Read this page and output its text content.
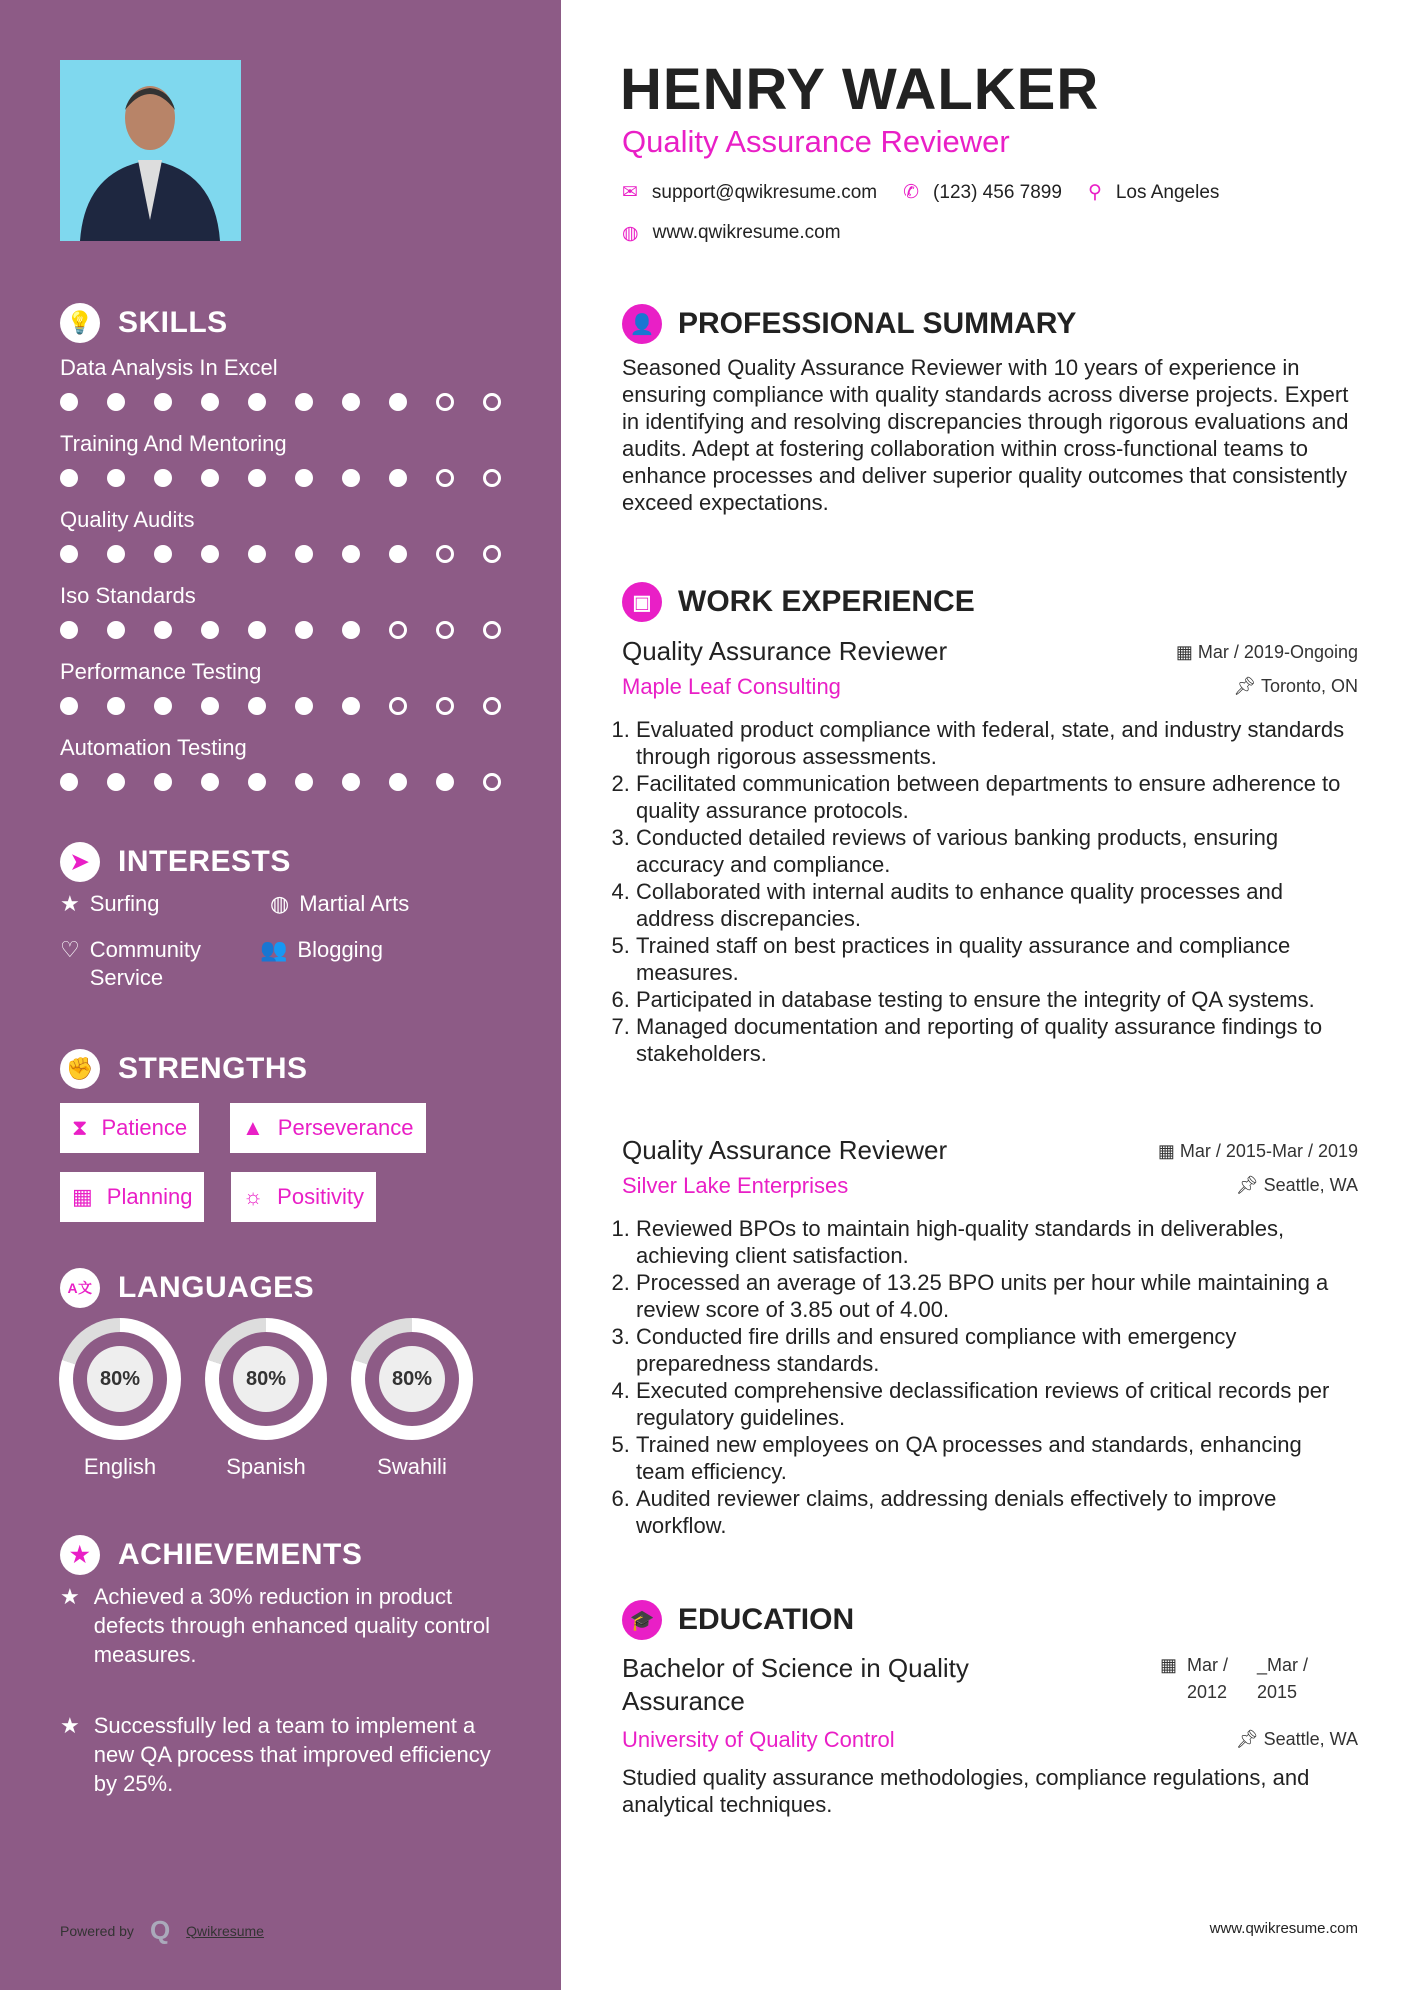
💡 SKILLS
Data Analysis In Excel
Training And Mentoring
Quality Audits
Iso Standards
Performance Testing
Automation Testing
➤ INTERESTS
★ Surfing	◍ Martial Arts
♡ Community Service
👥 Blogging
✊ STRENGTHS
⧗ Patience ▲ Perseverance
▦ Planning ☼ Positivity
A文 LANGUAGES
80%
English
80%
Spanish
80%
Swahili
★ ACHIEVEMENTS
★ Achieved a 30% reduction in product defects through enhanced quality control measures.
★ Successfully led a team to implement a new QA process that improved efficiency by 25%.
Powered by Q Qwikresume
HENRY WALKER
Quality Assurance Reviewer
✉ support@qwikresume.com ✆ (123) 456 7899 ⚲ Los Angeles
◍ www.qwikresume.com
👤 PROFESSIONAL SUMMARY
Seasoned Quality Assurance Reviewer with 10 years of experience in ensuring compliance with quality standards across diverse projects. Expert in identifying and resolving discrepancies through rigorous evaluations and audits. Adept at fostering collaboration within cross-functional teams to enhance processes and deliver superior quality outcomes that consistently exceed expectations.
▣ WORK EXPERIENCE
Quality Assurance Reviewer	▦ Mar / 2019-Ongoing
Maple Leaf Consulting	📌︎ Toronto, ON
1. Evaluated product compliance with federal, state, and industry standards through rigorous assessments.
2. Facilitated communication between departments to ensure adherence to quality assurance protocols.
3. Conducted detailed reviews of various banking products, ensuring accuracy and compliance.
4. Collaborated with internal audits to enhance quality processes and address discrepancies.
5. Trained staff on best practices in quality assurance and compliance measures.
6. Participated in database testing to ensure the integrity of QA systems.
7. Managed documentation and reporting of quality assurance findings to stakeholders.
Quality Assurance Reviewer	▦ Mar / 2015-Mar / 2019
Silver Lake Enterprises	📌︎ Seattle, WA
1. Reviewed BPOs to maintain high-quality standards in deliverables, achieving client satisfaction.
2. Processed an average of 13.25 BPO units per hour while maintaining a review score of 3.85 out of 4.00.
3. Conducted fire drills and ensured compliance with emergency preparedness standards.
4. Executed comprehensive declassification reviews of critical records per regulatory guidelines.
5. Trained new employees on QA processes and standards, enhancing team efficiency.
6. Audited reviewer claims, addressing denials effectively to improve workflow.
🎓 EDUCATION
Bachelor of Science in Quality Assurance
▦ Mar / 2012
_Mar / 2015
University of Quality Control	📌︎ Seattle, WA
Studied quality assurance methodologies, compliance regulations, and analytical techniques.
www.qwikresume.com
